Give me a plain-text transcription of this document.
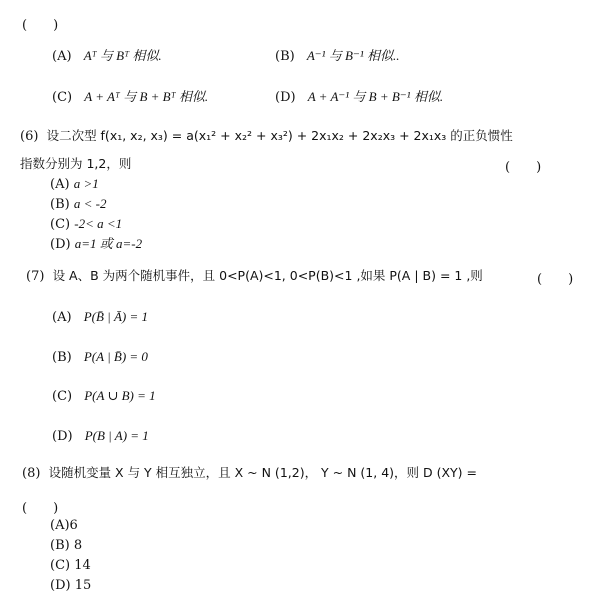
(　　)
(A) Aᵀ 与 Bᵀ 相似.	(B) A⁻¹ 与 B⁻¹ 相似..
(C) A + Aᵀ 与 B + Bᵀ 相似.	(D) A + A⁻¹ 与 B + B⁻¹ 相似.
(6) 设二次型 f(x₁, x₂, x₃) = a(x₁² + x₂² + x₃²) + 2x₁x₂ + 2x₂x₃ + 2x₁x₃ 的正负惯性
指数分别为 1,2，则	(　　)
(A) a >1
(B) a < -2
(C) -2< a <1
(D) a=1 或 a=-2
(7) 设 A、B 为两个随机事件，且 0<P(A)<1, 0<P(B)<1 ,如果 P(A | B) = 1 ,则	(　　)
(A) P(B̄ | Ā) = 1
(B) P(A | B̄) = 0
(C) P(A ∪ B) = 1
(D) P(B | A) = 1
(8) 设随机变量 X 与 Y 相互独立，且 X ~ N (1,2)， Y ~ N (1, 4)，则 D (XY) =
(　　)
(A)6
(B) 8
(C) 14
(D) 15
